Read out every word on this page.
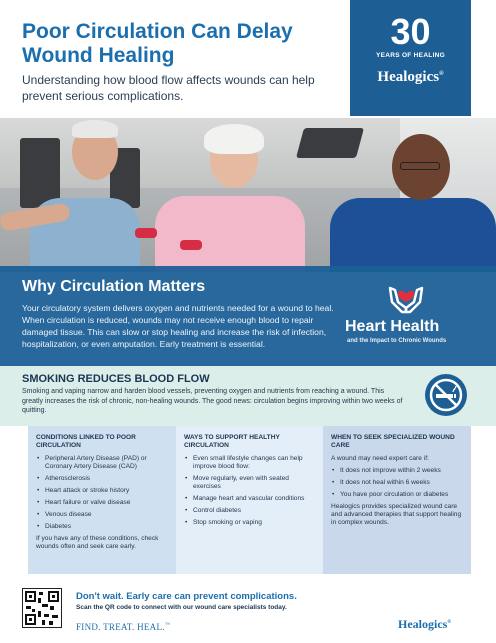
Poor Circulation Can Delay Wound Healing
Understanding how blood flow affects wounds can help prevent serious complications.
30
YEARS OF HEALING
Healogics®
Why Circulation Matters

Your circulatory system delivers oxygen and nutrients needed for a wound to heal. When circulation is reduced, wounds may not receive enough blood to repair damaged tissue. This can slow or stop healing and increase the risk of infection, hospitalization, or even amputation. Early treatment is essential.

Heart Health
and the Impact to Chronic Wounds
SMOKING REDUCES BLOOD FLOW

Smoking and vaping narrow and harden blood vessels, preventing oxygen and nutrients from reaching a wound. This greatly increases the risk of chronic, non-healing wounds. The good news: circulation begins improving within two weeks of quitting.

CONDITIONS LINKED TO POOR CIRCULATION
• Peripheral Artery Disease (PAD) or Coronary Artery Disease (CAD)
• Atherosclerosis
• Heart attack or stroke history
• Heart failure or valve disease
• Venous disease
• Diabetes
If you have any of these conditions, check wounds often and seek care early.
WAYS TO SUPPORT HEALTHY CIRCULATION
• Even small lifestyle changes can help improve blood flow:
• Move regularly, even with seated exercises
• Manage heart and vascular conditions
• Control diabetes
• Stop smoking or vaping
WHEN TO SEEK SPECIALIZED WOUND CARE
A wound may need expert care if:
• It does not improve within 2 weeks
• It does not heal within 6 weeks
• You have poor circulation or diabetes
Healogics provides specialized wound care and advanced therapies that support healing in complex wounds.
Don't wait. Early care can prevent complications.
Scan the QR code to connect with our wound care specialists today.
FIND. TREAT. HEAL.™	Healogics®
